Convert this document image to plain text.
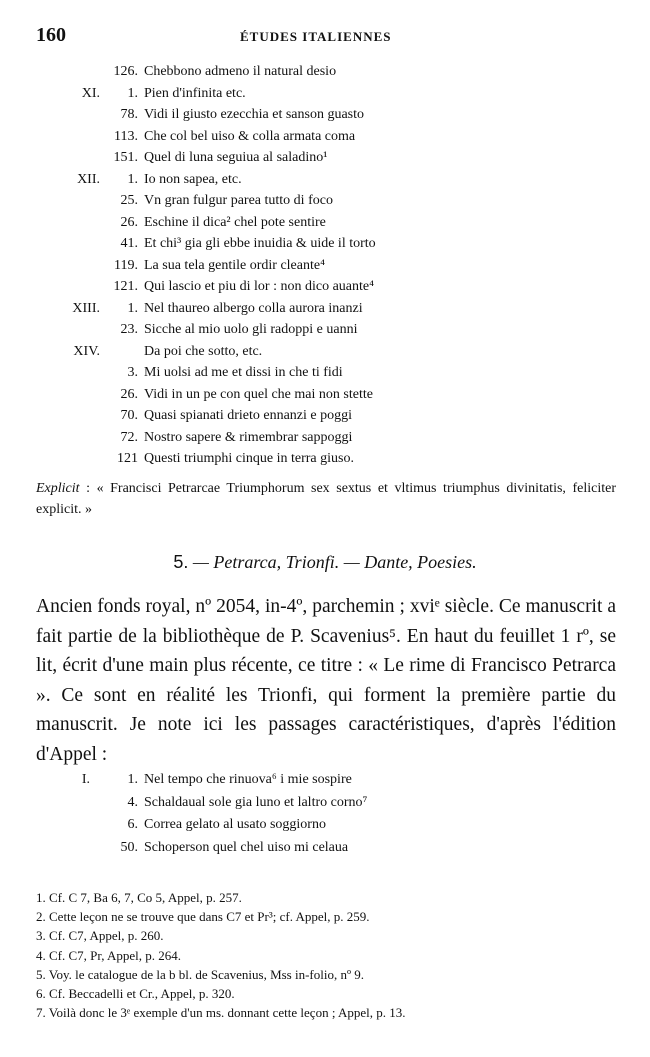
160	ÉTUDES ITALIENNES
126. Chebbono admeno il natural desio
XI.	1. Pien d'infinita etc.
78. Vidi il giusto ezecchia et sanson guasto
113. Che col bel uiso & colla armata coma
151. Quel di luna seguiua al saladino¹
XII.	1. Io non sapea, etc.
25. Vn gran fulgur parea tutto di foco
26. Eschine il dica² chel pote sentire
41. Et chi³ gia gli ebbe inuidia & uide il torto
119. La sua tela gentile ordir cleante⁴
121. Qui lascio et piu di lor : non dico auante⁴
XIII.	1. Nel thaureo albergo colla aurora inanzi
23. Sicche al mio uolo gli radoppi e uanni
XIV.	Da poi che sotto, etc.
3. Mi uolsi ad me et dissi in che ti fidi
26. Vidi in un pe con quel che mai non stette
70. Quasi spianati drieto ennanzi e poggi
72. Nostro sapere & rimembrar sappoggi
121 Questi triumphi cinque in terra giuso.
Explicit : « Francisci Petrarcae Triumphorum sex sextus et vltimus triumphus divinitatis, feliciter explicit. »
5. — Petrarca, Trionfi. — Dante, Poesies.
Ancien fonds royal, nº 2054, in-4º, parchemin ; xviᵉ siècle. Ce manuscrit a fait partie de la bibliothèque de P. Scavenius⁵. En haut du feuillet 1 rº, se lit, écrit d'une main plus récente, ce titre : « Le rime di Francisco Petrarca ». Ce sont en réalité les Trionfi, qui forment la première partie du manuscrit. Je note ici les passages caractéristiques, d'après l'édition d'Appel :
I.	1. Nel tempo che rinuova⁶ i mie sospire
4. Schaldaual sole gia luno et laltro corno⁷
6. Correa gelato al usato soggiorno
50. Schoperson quel chel uiso mi celaua
1. Cf. C 7, Ba 6, 7, Co 5, Appel, p. 257.
2. Cette leçon ne se trouve que dans C7 et Pr³; cf. Appel, p. 259.
3. Cf. C7, Appel, p. 260.
4. Cf. C7, Pr, Appel, p. 264.
5. Voy. le catalogue de la b bl. de Scavenius, Mss in-folio, nº 9.
6. Cf. Beccadelli et Cr., Appel, p. 320.
7. Voilà donc le 3ᵉ exemple d'un ms. donnant cette leçon ; Appel, p. 13.
